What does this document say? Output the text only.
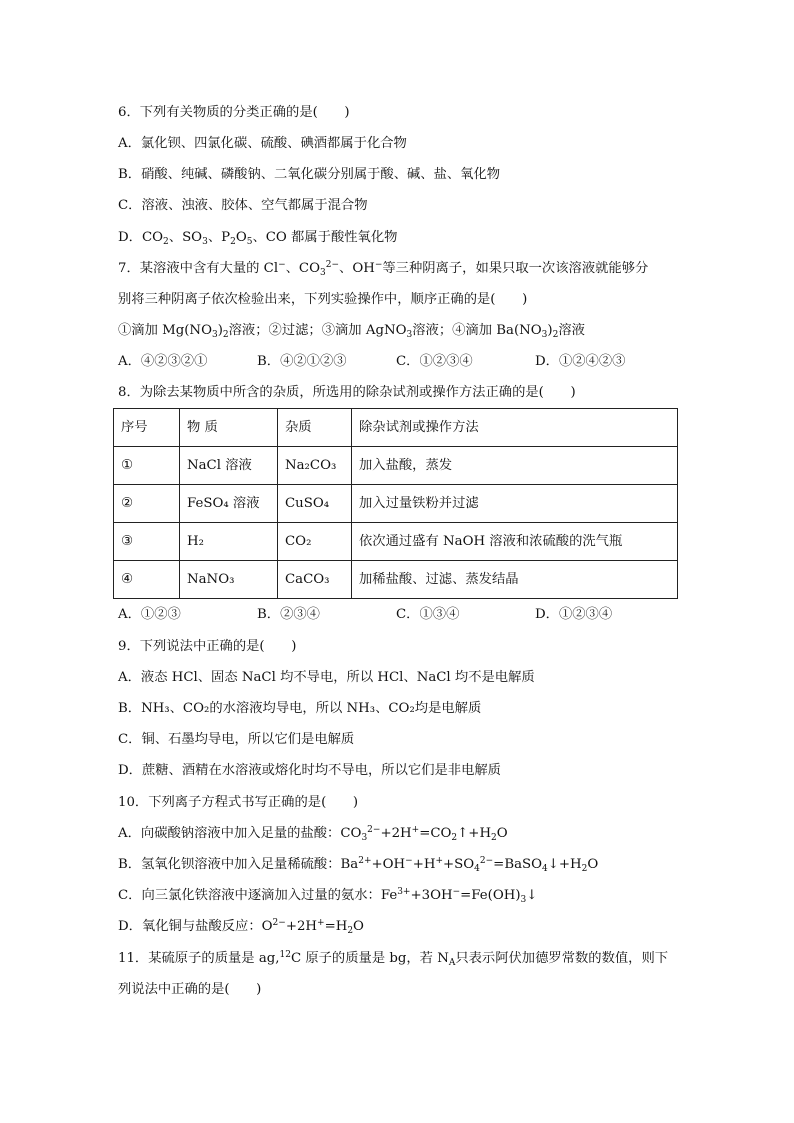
6．下列有关物质的分类正确的是(　　)
A．氯化钡、四氯化碳、硫酸、碘酒都属于化合物
B．硝酸、纯碱、磷酸钠、二氧化碳分别属于酸、碱、盐、氧化物
C．溶液、浊液、胶体、空气都属于混合物
D．$CO_2$、$SO_3$、$P_2O_5$、CO 都属于酸性氧化物
7．某溶液中含有大量的 Cl−、$CO_3^{2-}$、OH−等三种阴离子，如果只取一次该溶液就能够分
别将三种阴离子依次检验出来，下列实验操作中，顺序正确的是(　　)
①滴加 $Mg(NO_3)_2$溶液；②过滤；③滴加 AgNO$_3$溶液；④滴加 $Ba(NO_3)_2$溶液
A．④②③②①	B．④②①②③	C．①②③④	D．①②④②③
8．为除去某物质中所含的杂质，所选用的除杂试剂或操作方法正确的是(　　)
序号	物 质	杂质	除杂试剂或操作方法
①	NaCl 溶液	Na₂CO₃	加入盐酸，蒸发
②	FeSO₄ 溶液	CuSO₄	加入过量铁粉并过滤
③	H₂	CO₂	依次通过盛有 NaOH 溶液和浓硫酸的洗气瓶
④	NaNO₃	CaCO₃	加稀盐酸、过滤、蒸发结晶
A．①②③	B．②③④	C．①③④	D．①②③④
9．下列说法中正确的是(　　)
A．液态 HCl、固态 NaCl 均不导电，所以 HCl、NaCl 均不是电解质
B．NH₃、CO₂的水溶液均导电，所以 NH₃、CO₂均是电解质
C．铜、石墨均导电，所以它们是电解质
D．蔗糖、酒精在水溶液或熔化时均不导电，所以它们是非电解质
10．下列离子方程式书写正确的是(　　)
A．向碳酸钠溶液中加入足量的盐酸：$CO_3^{2-}+2H^+=CO_2↑+H_2O$
B．氢氧化钡溶液中加入足量稀硫酸：$Ba^{2+}+OH^-+H^++SO_4^{2-}=BaSO_4↓+H_2O$
C．向三氯化铁溶液中逐滴加入过量的氨水：$Fe^{3+}+3OH^-=Fe(OH)_3↓$
D．氧化铜与盐酸反应：$O^{2-}+2H^+=H_2O$
11．某硫原子的质量是 ag,$^{12}$C 原子的质量是 bg，若 $N_A$只表示阿伏加德罗常数的数值，则下
列说法中正确的是(　　)
